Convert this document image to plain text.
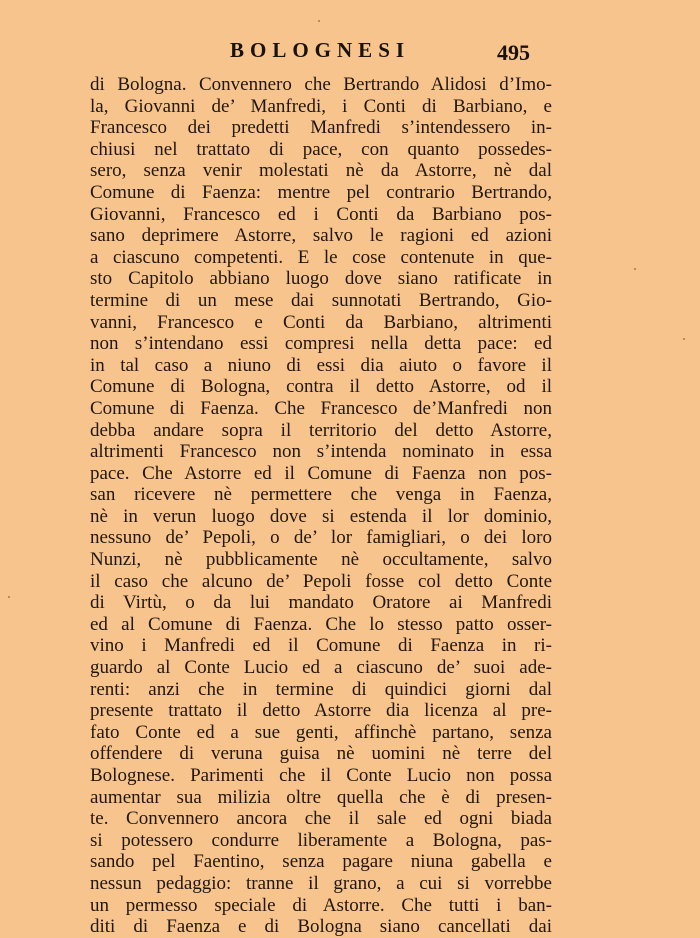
BOLOGNESI	495
di Bologna. Convennero che Bertrando Alidosi d’Imo-
la, Giovanni de’ Manfredi, i Conti di Barbiano, e
Francesco dei predetti Manfredi s’intendessero in-
chiusi nel trattato di pace, con quanto possedes-
sero, senza venir molestati nè da Astorre, nè dal
Comune di Faenza: mentre pel contrario Bertrando,
Giovanni, Francesco ed i Conti da Barbiano pos-
sano deprimere Astorre, salvo le ragioni ed azioni
a ciascuno competenti. E le cose contenute in que-
sto Capitolo abbiano luogo dove siano ratificate in
termine di un mese dai sunnotati Bertrando, Gio-
vanni, Francesco e Conti da Barbiano, altrimenti
non s’intendano essi compresi nella detta pace: ed
in tal caso a niuno di essi dia aiuto o favore il
Comune di Bologna, contra il detto Astorre, od il
Comune di Faenza. Che Francesco de’Manfredi non
debba andare sopra il territorio del detto Astorre,
altrimenti Francesco non s’intenda nominato in essa
pace. Che Astorre ed il Comune di Faenza non pos-
san ricevere nè permettere che venga in Faenza,
nè in verun luogo dove si estenda il lor dominio,
nessuno de’ Pepoli, o de’ lor famigliari, o dei loro
Nunzi, nè pubblicamente nè occultamente, salvo
il caso che alcuno de’ Pepoli fosse col detto Conte
di Virtù, o da lui mandato Oratore ai Manfredi
ed al Comune di Faenza. Che lo stesso patto osser-
vino i Manfredi ed il Comune di Faenza in ri-
guardo al Conte Lucio ed a ciascuno de’ suoi ade-
renti: anzi che in termine di quindici giorni dal
presente trattato il detto Astorre dia licenza al pre-
fato Conte ed a sue genti, affinchè partano, senza
offendere di veruna guisa nè uomini nè terre del
Bolognese. Parimenti che il Conte Lucio non possa
aumentar sua milizia oltre quella che è di presen-
te. Convennero ancora che il sale ed ogni biada
si potessero condurre liberamente a Bologna, pas-
sando pel Faentino, senza pagare niuna gabella e
nessun pedaggio: tranne il grano, a cui si vorrebbe
un permesso speciale di Astorre. Che tutti i ban-
diti di Faenza e di Bologna siano cancellati dai
